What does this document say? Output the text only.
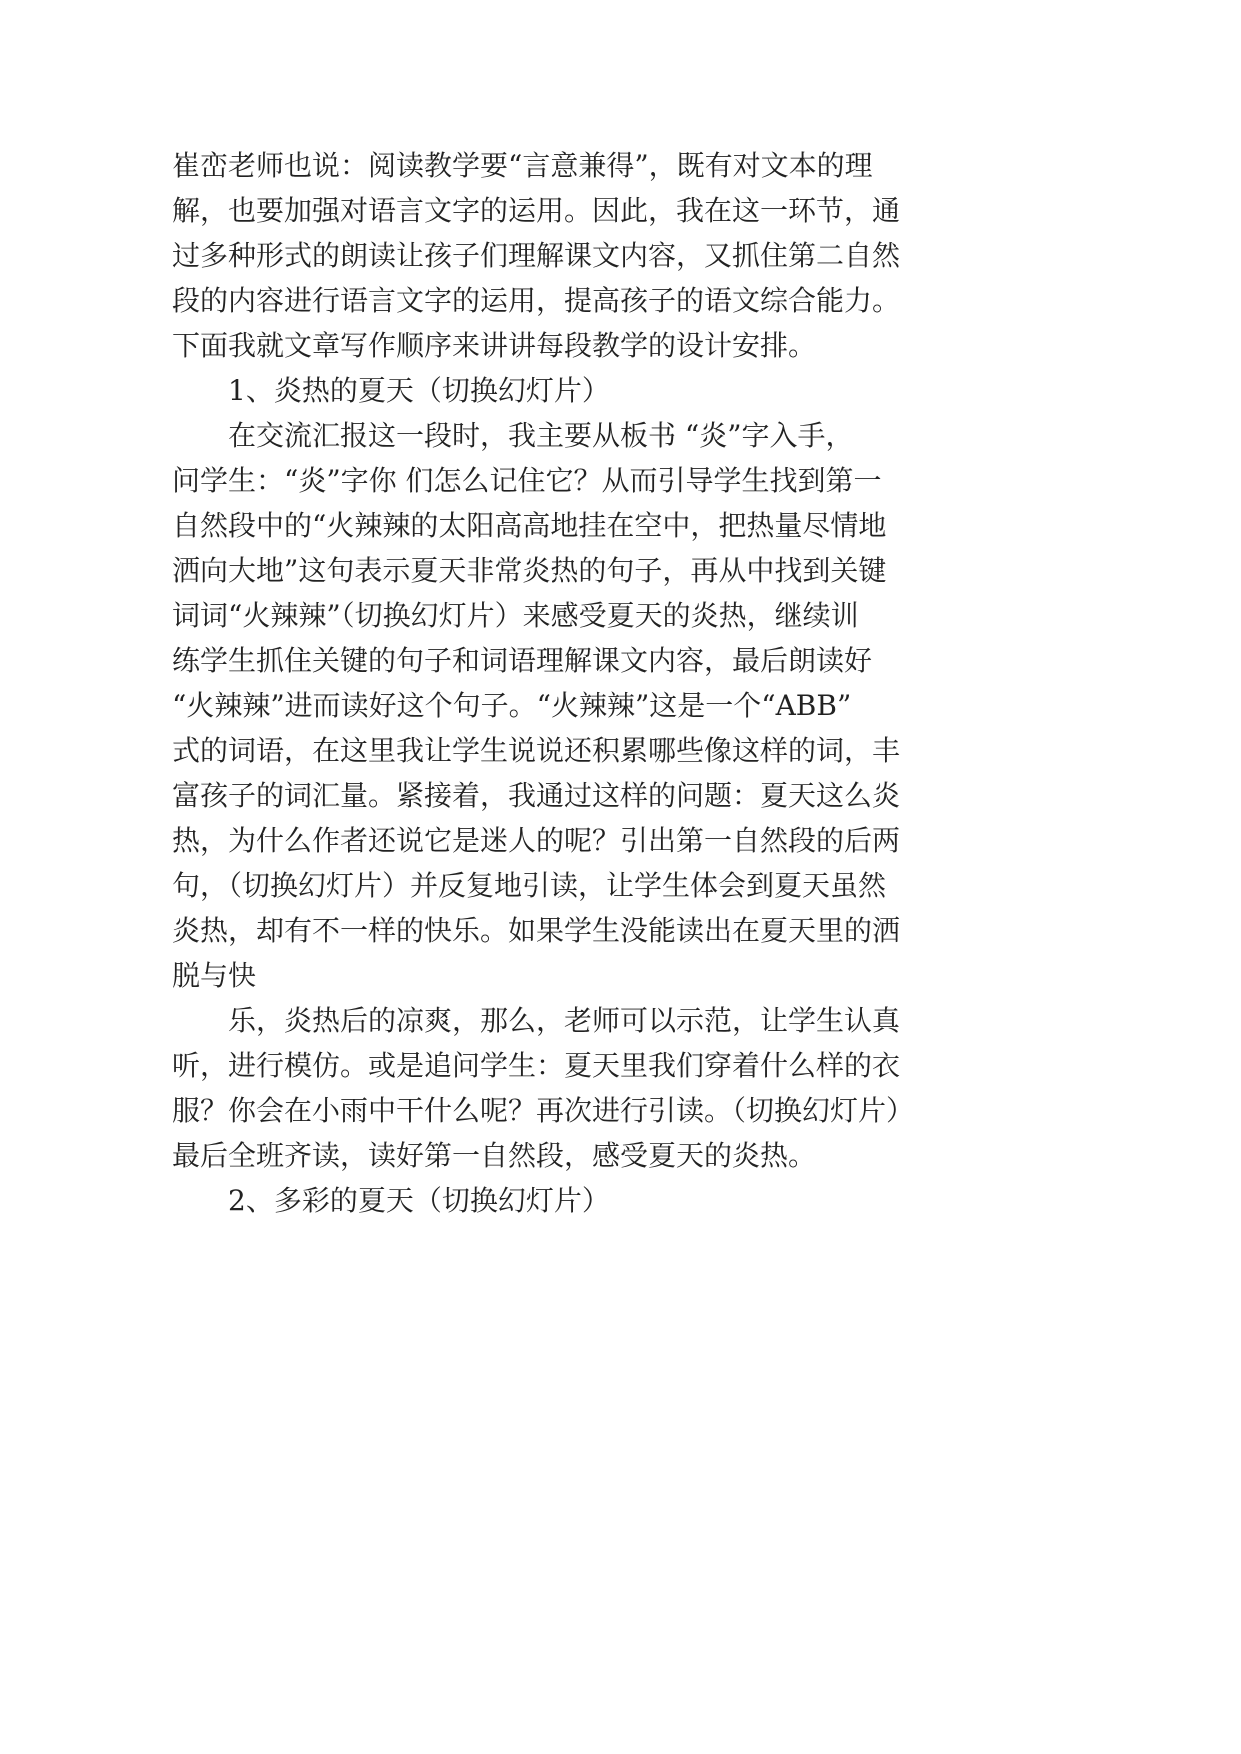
崔峦老师也说：阅读教学要“言意兼得”，既有对文本的理
解，也要加强对语言文字的运用。因此，我在这一环节，通
过多种形式的朗读让孩子们理解课文内容，又抓住第二自然
段的内容进行语言文字的运用，提高孩子的语文综合能力。
下面我就文章写作顺序来讲讲每段教学的设计安排。
1、炎热的夏天（切换幻灯片）
在交流汇报这一段时，我主要从板书 “炎”字入手，
问学生：“炎”字你 们怎么记住它？从而引导学生找到第一
自然段中的“火辣辣的太阳高高地挂在空中，把热量尽情地
洒向大地”这句表示夏天非常炎热的句子，再从中找到关键
词词“火辣辣”（切换幻灯片）来感受夏天的炎热，继续训
练学生抓住关键的句子和词语理解课文内容，最后朗读好
“火辣辣”进而读好这个句子。“火辣辣”这是一个“ABB”
式的词语，在这里我让学生说说还积累哪些像这样的词，丰
富孩子的词汇量。紧接着，我通过这样的问题：夏天这么炎
热，为什么作者还说它是迷人的呢？引出第一自然段的后两
句，（切换幻灯片）并反复地引读，让学生体会到夏天虽然
炎热，却有不一样的快乐。如果学生没能读出在夏天里的洒
脱与快
乐，炎热后的凉爽，那么，老师可以示范，让学生认真
听，进行模仿。或是追问学生：夏天里我们穿着什么样的衣
服？你会在小雨中干什么呢？再次进行引读。（切换幻灯片）
最后全班齐读，读好第一自然段，感受夏天的炎热。
2、多彩的夏天（切换幻灯片）
